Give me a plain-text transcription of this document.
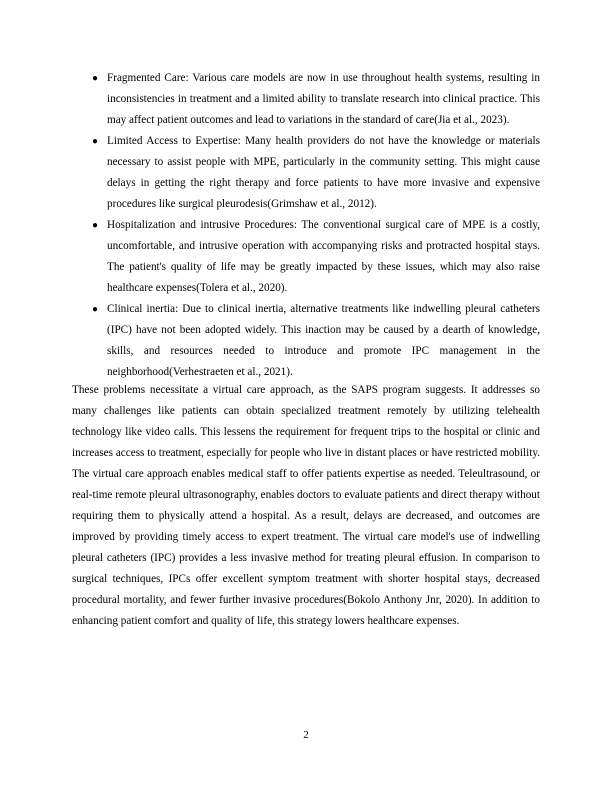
● Fragmented Care: Various care models are now in use throughout health systems, resulting in inconsistencies in treatment and a limited ability to translate research into clinical practice. This may affect patient outcomes and lead to variations in the standard of care(Jia et al., 2023).
● Limited Access to Expertise: Many health providers do not have the knowledge or materials necessary to assist people with MPE, particularly in the community setting. This might cause delays in getting the right therapy and force patients to have more invasive and expensive procedures like surgical pleurodesis(Grimshaw et al., 2012).
● Hospitalization and intrusive Procedures: The conventional surgical care of MPE is a costly, uncomfortable, and intrusive operation with accompanying risks and protracted hospital stays. The patient's quality of life may be greatly impacted by these issues, which may also raise healthcare expenses(Tolera et al., 2020).
● Clinical inertia: Due to clinical inertia, alternative treatments like indwelling pleural catheters (IPC) have not been adopted widely. This inaction may be caused by a dearth of knowledge, skills, and resources needed to introduce and promote IPC management in the neighborhood(Verhestraeten et al., 2021).

These problems necessitate a virtual care approach, as the SAPS program suggests. It addresses so many challenges like patients can obtain specialized treatment remotely by utilizing telehealth technology like video calls. This lessens the requirement for frequent trips to the hospital or clinic and increases access to treatment, especially for people who live in distant places or have restricted mobility. The virtual care approach enables medical staff to offer patients expertise as needed. Teleultrasound, or real-time remote pleural ultrasonography, enables doctors to evaluate patients and direct therapy without requiring them to physically attend a hospital. As a result, delays are decreased, and outcomes are improved by providing timely access to expert treatment. The virtual care model's use of indwelling pleural catheters (IPC) provides a less invasive method for treating pleural effusion. In comparison to surgical techniques, IPCs offer excellent symptom treatment with shorter hospital stays, decreased procedural mortality, and fewer further invasive procedures(Bokolo Anthony Jnr, 2020). In addition to enhancing patient comfort and quality of life, this strategy lowers healthcare expenses.

2
